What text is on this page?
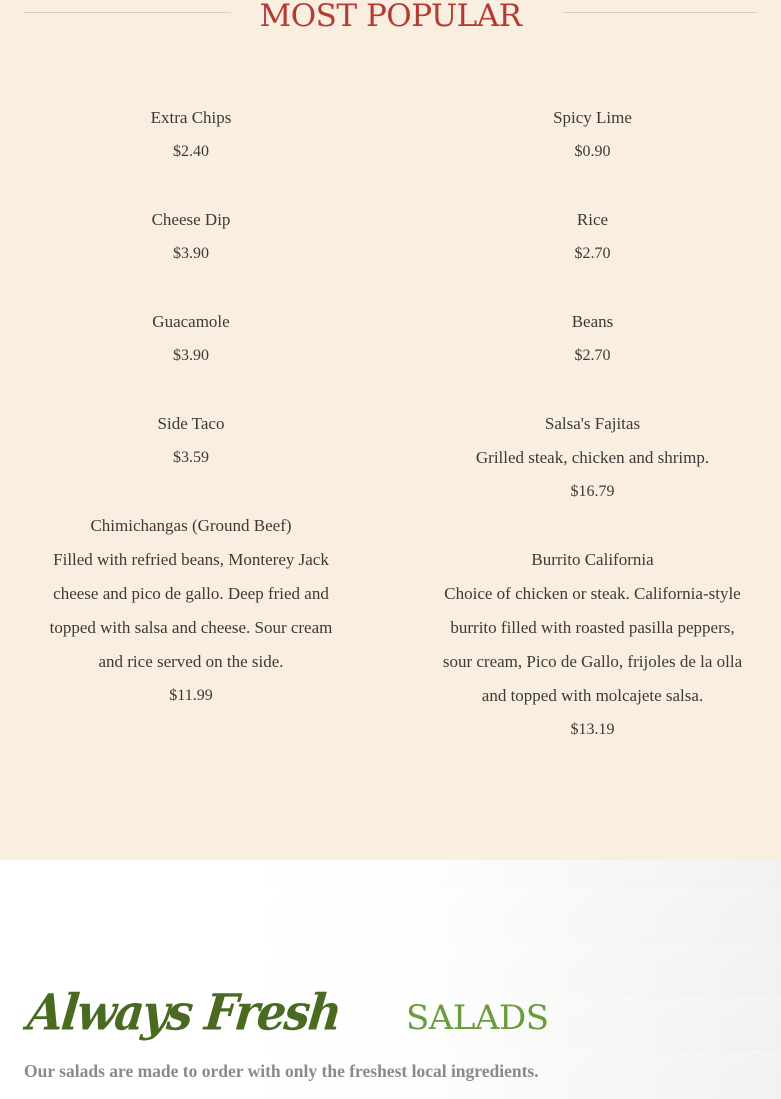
MOST POPULAR
Extra Chips
$2.40
Cheese Dip
$3.90
Guacamole
$3.90
Side Taco
$3.59
Chimichangas (Ground Beef)
Filled with refried beans, Monterey Jack
cheese and pico de gallo. Deep fried and
topped with salsa and cheese. Sour cream
and rice served on the side.
$11.99
Spicy Lime
$0.90
Rice
$2.70
Beans
$2.70
Salsa's Fajitas
Grilled steak, chicken and shrimp.
$16.79
Burrito California
Choice of chicken or steak. California-style
burrito filled with roasted pasilla peppers,
sour cream, Pico de Gallo, frijoles de la olla
and topped with molcajete salsa.
$13.19
Always Fresh SALADS

Our salads are made to order with only the freshest local ingredients.
